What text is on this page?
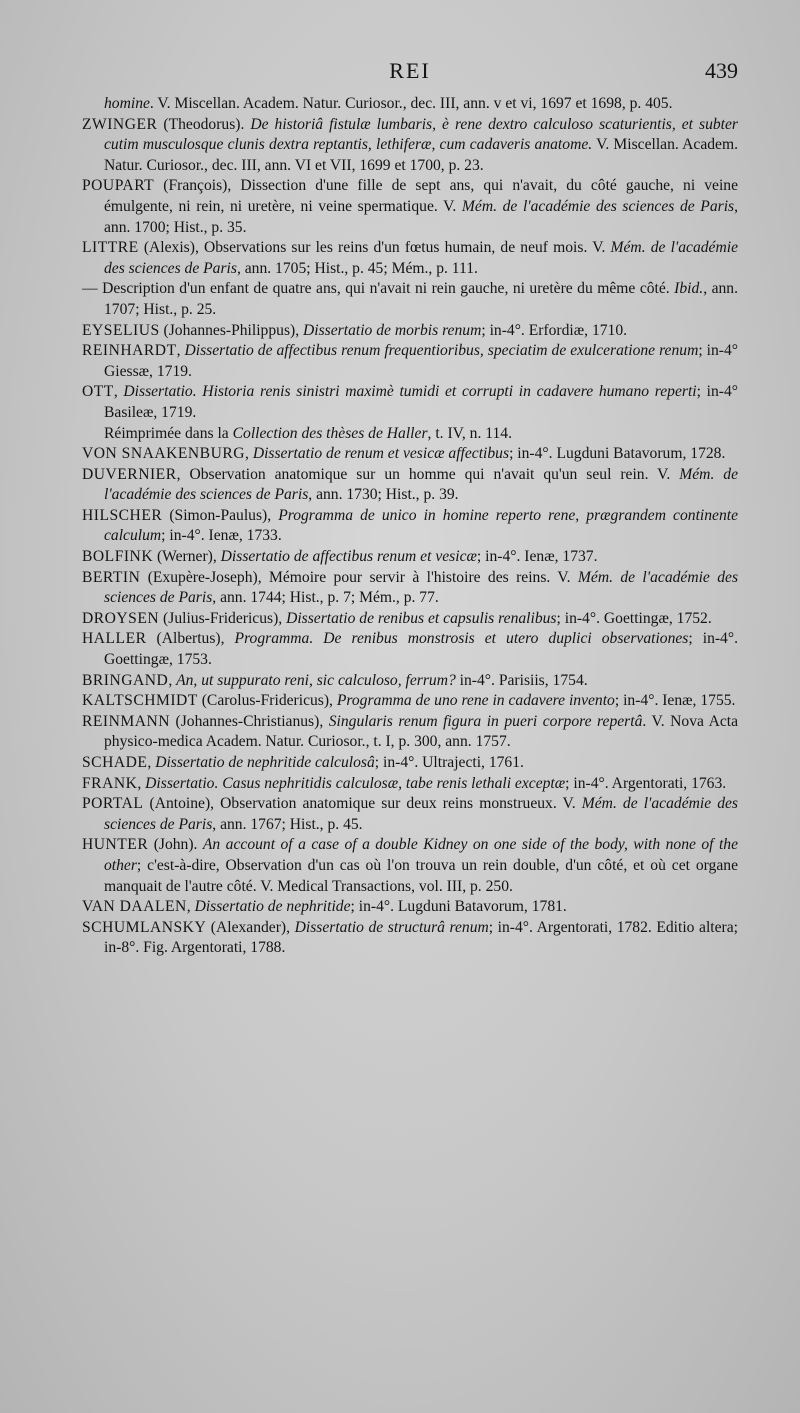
REI	439

homine. V. Miscellan. Academ. Natur. Curiosor., dec. III, ann. v et vi, 1697 et 1698, p. 405.

ZWINGER (Theodorus). De historiâ fistulæ lumbaris, è rene dextro calculoso scaturientis, et subter cutim musculosque clunis dextra reptantis, lethiferæ, cum cadaveris anatome. V. Miscellan. Academ. Natur. Curiosor., dec. III, ann. VI et VII, 1699 et 1700, p. 23.

POUPART (François), Dissection d'une fille de sept ans, qui n'avait, du côté gauche, ni veine émulgente, ni rein, ni uretère, ni veine spermatique. V. Mém. de l'académie des sciences de Paris, ann. 1700; Hist., p. 35.

LITTRE (Alexis), Observations sur les reins d'un fœtus humain, de neuf mois. V. Mém. de l'académie des sciences de Paris, ann. 1705; Hist., p. 45; Mém., p. 111.

— Description d'un enfant de quatre ans, qui n'avait ni rein gauche, ni uretère du même côté. Ibid., ann. 1707; Hist., p. 25.

EYSELIUS (Johannes-Philippus), Dissertatio de morbis renum; in-4°. Erfordiæ, 1710.

REINHARDT, Dissertatio de affectibus renum frequentioribus, speciatim de exulceratione renum; in-4° Giessæ, 1719.

OTT, Dissertatio. Historia renis sinistri maximè tumidi et corrupti in cadavere humano reperti; in-4° Basileæ, 1719.

Réimprimée dans la Collection des thèses de Haller, t. IV, n. 114.

VON SNAAKENBURG, Dissertatio de renum et vesicæ affectibus; in-4°. Lugduni Batavorum, 1728.

DUVERNIER, Observation anatomique sur un homme qui n'avait qu'un seul rein. V. Mém. de l'académie des sciences de Paris, ann. 1730; Hist., p. 39.

HILSCHER (Simon-Paulus), Programma de unico in homine reperto rene, prægrandem continente calculum; in-4°. Ienæ, 1733.

BOLFINK (Werner), Dissertatio de affectibus renum et vesicæ; in-4°. Ienæ, 1737.

BERTIN (Exupère-Joseph), Mémoire pour servir à l'histoire des reins. V. Mém. de l'académie des sciences de Paris, ann. 1744; Hist., p. 7; Mém., p. 77.

DROYSEN (Julius-Fridericus), Dissertatio de renibus et capsulis renalibus; in-4°. Goettingæ, 1752.

HALLER (Albertus), Programma. De renibus monstrosis et utero duplici observationes; in-4°. Goettingæ, 1753.

BRINGAND, An, ut suppurato reni, sic calculoso, ferrum? in-4°. Parisiis, 1754.

KALTSCHMIDT (Carolus-Fridericus), Programma de uno rene in cadavere invento; in-4°. Ienæ, 1755.

REINMANN (Johannes-Christianus), Singularis renum figura in pueri corpore repertâ. V. Nova Acta physico-medica Academ. Natur. Curiosor., t. I, p. 300, ann. 1757.

SCHADE, Dissertatio de nephritide calculosâ; in-4°. Ultrajecti, 1761.

FRANK, Dissertatio. Casus nephritidis calculosæ, tabe renis lethali exceptæ; in-4°. Argentorati, 1763.

PORTAL (Antoine), Observation anatomique sur deux reins monstrueux. V. Mém. de l'académie des sciences de Paris, ann. 1767; Hist., p. 45.

HUNTER (John). An account of a case of a double Kidney on one side of the body, with none of the other; c'est-à-dire, Observation d'un cas où l'on trouva un rein double, d'un côté, et où cet organe manquait de l'autre côté. V. Medical Transactions, vol. III, p. 250.

VAN DAALEN, Dissertatio de nephritide; in-4°. Lugduni Batavorum, 1781.

SCHUMLANSKY (Alexander), Dissertatio de structurâ renum; in-4°. Argentorati, 1782. Editio altera; in-8°. Fig. Argentorati, 1788.
